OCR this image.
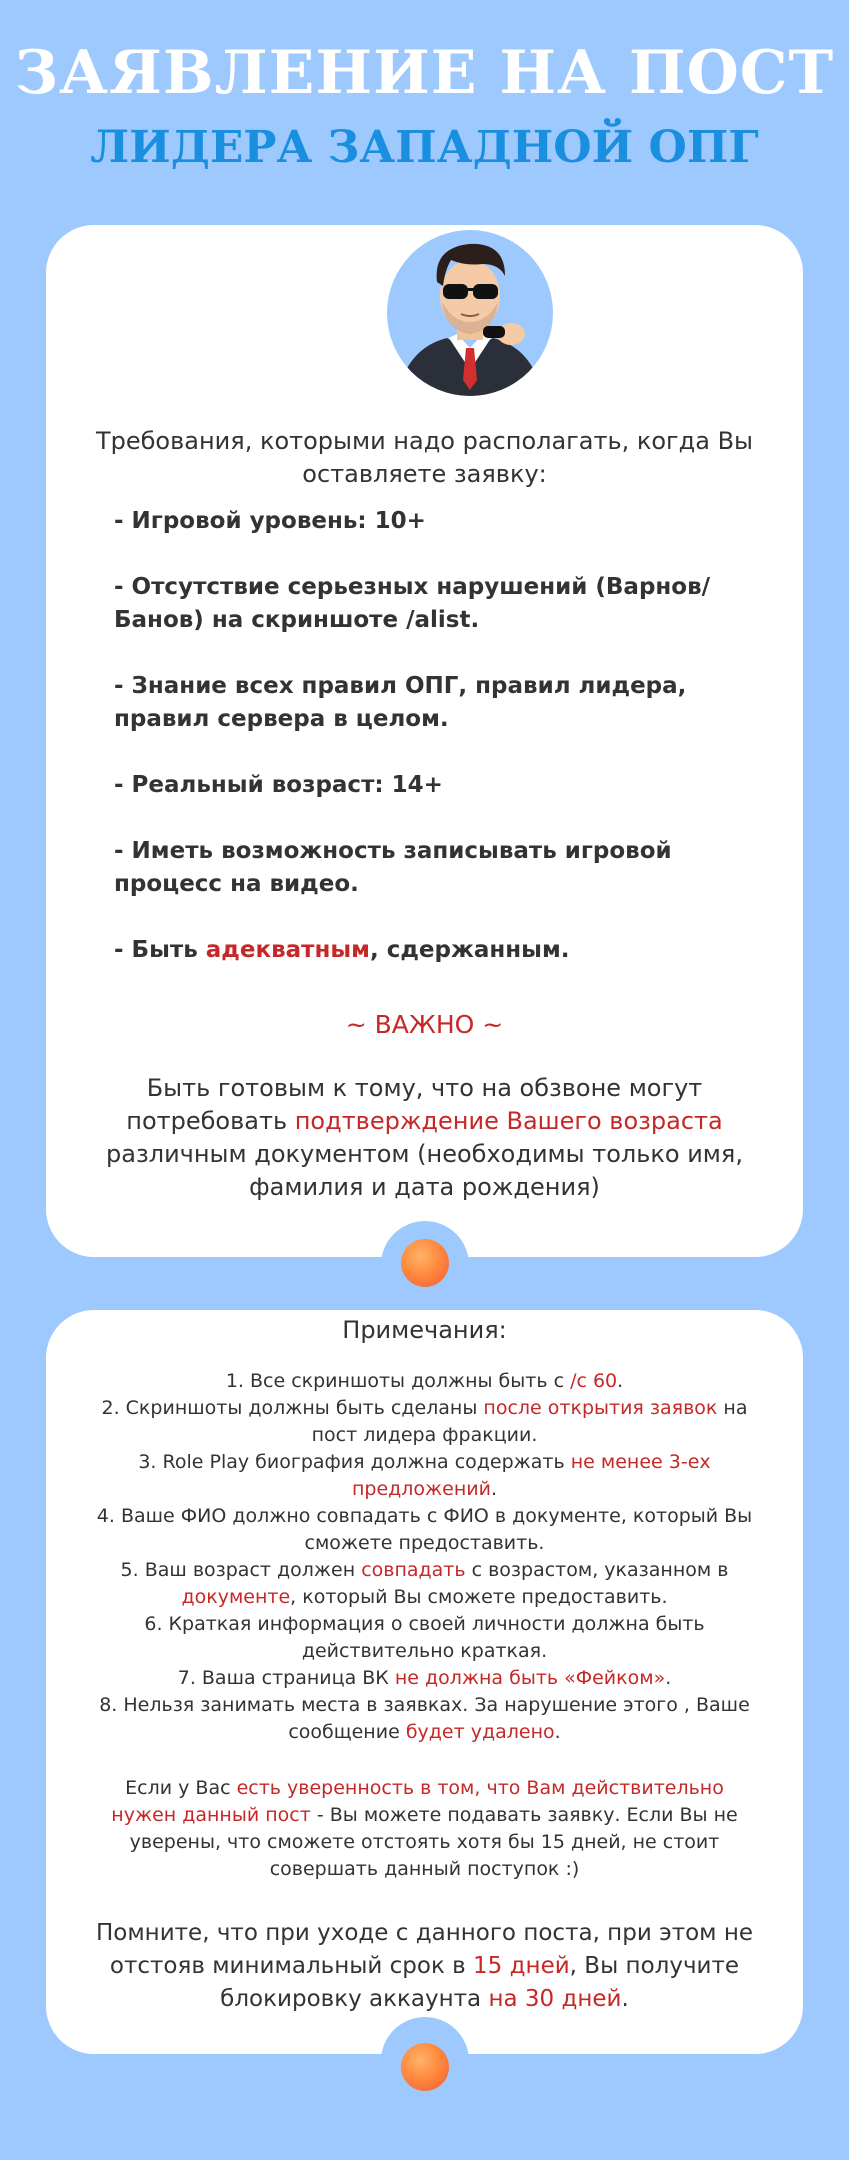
ЗАЯВЛЕНИЕ НА ПОСТ
ЛИДЕРА ЗАПАДНОЙ ОПГ
Требования, которыми надо располагать, когда Вы оставляете заявку:
- Игровой уровень: 10+
- Отсутствие серьезных нарушений (Варнов/Банов) на скриншоте /alist.
- Знание всех правил ОПГ, правил лидера, правил сервера в целом.
- Реальный возраст: 14+
- Иметь возможность записывать игровой процесс на видео.
- Быть адекватным, сдержанным.
~ ВАЖНО ~
Быть готовым к тому, что на обзвоне могут потребовать подтверждение Вашего возраста различным документом (необходимы только имя, фамилия и дата рождения)
Примечания:
1. Все скриншоты должны быть с /c 60.
2. Скриншоты должны быть сделаны после открытия заявок на пост лидера фракции.
3. Role Play биография должна содержать не менее 3-ех предложений.
4. Ваше ФИО должно совпадать с ФИО в документе, который Вы сможете предоставить.
5. Ваш возраст должен совпадать с возрастом, указанном в документе, который Вы сможете предоставить.
6. Краткая информация о своей личности должна быть действительно краткая.
7. Ваша страница ВК не должна быть «Фейком».
8. Нельзя занимать места в заявках. За нарушение этого , Ваше сообщение будет удалено.
Если у Вас есть уверенность в том, что Вам действительно нужен данный пост - Вы можете подавать заявку. Если Вы не уверены, что сможете отстоять хотя бы 15 дней, не стоит совершать данный поступок :)
Помните, что при уходе с данного поста, при этом не отстояв минимальный срок в 15 дней, Вы получите блокировку аккаунта на 30 дней.
